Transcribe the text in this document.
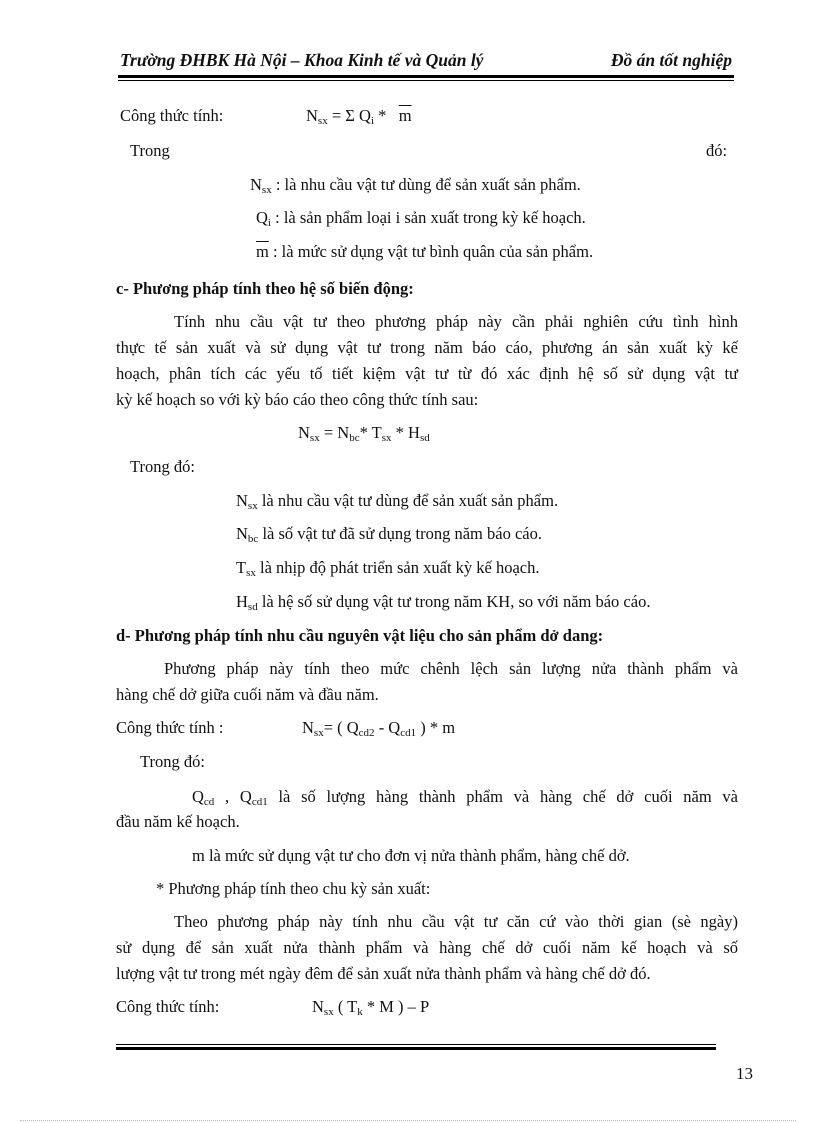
Trường ĐHBK Hà Nội – Khoa Kinh tế và Quản lý	Đồ án tốt nghiệp
Công thức tính:	$N_{sx} = \Sigma$ $Q_i * \overline{m}$
Trong	đó:
$N_{sx}$ : là nhu cầu vật tư dùng để sản xuất sản phẩm.
$Q_i$ : là sản phẩm loại i sản xuất trong kỳ kế hoạch.
$\overline{m}$ : là mức sử dụng vật tư bình quân của sản phẩm.
c- Phương pháp tính theo hệ số biến động:
Tính nhu cầu vật tư theo phương pháp này cần phải nghiên cứu tình hình
thực tế sản xuất và sử dụng vật tư trong năm báo cáo, phương án sản xuất kỳ kế
hoạch, phân tích các yếu tố tiết kiệm vật tư từ đó xác định hệ số sử dụng vật tư
kỳ kế hoạch so với kỳ báo cáo theo công thức tính sau:
$N_{sx} = N_{bc}*$ $T_{sx} * H_{sd}$
Trong đó:
$N_{sx}$ là nhu cầu vật tư dùng để sản xuất sản phẩm.
$N_{bc}$ là số vật tư đã sử dụng trong năm báo cáo.
$T_{sx}$ là nhịp độ phát triển sản xuất kỳ kế hoạch.
$H_{sd}$ là hệ số sử dụng vật tư trong năm KH, so với năm báo cáo.
d- Phương pháp tính nhu cầu nguyên vật liệu cho sản phẩm dở dang:
Phương pháp này tính theo mức chênh lệch sản lượng nửa thành phẩm và
hàng chế dở giữa cuối năm và đầu năm.
Công thức tính :	$N_{sx}=$ ( $Q_{cd2} - Q_{cd1}$ ) * m
Trong đó:
$Q_{cd}$ , $Q_{cd1}$ là số lượng hàng thành phẩm và hàng chế dở cuối năm và
đầu năm kế hoạch.
m là mức sử dụng vật tư cho đơn vị nửa thành phẩm, hàng chế dở.
* Phương pháp tính theo chu kỳ sản xuất:
Theo phương pháp này tính nhu cầu vật tư căn cứ vào thời gian (sè ngày)
sử dụng để sản xuất nửa thành phẩm và hàng chế dở cuối năm kế hoạch và số
lượng vật tư trong mét ngày đêm để sản xuất nửa thành phẩm và hàng chế dở đó.
Công thức tính:	$N_{sx}$ ( $T_k$ * M ) – P
13
